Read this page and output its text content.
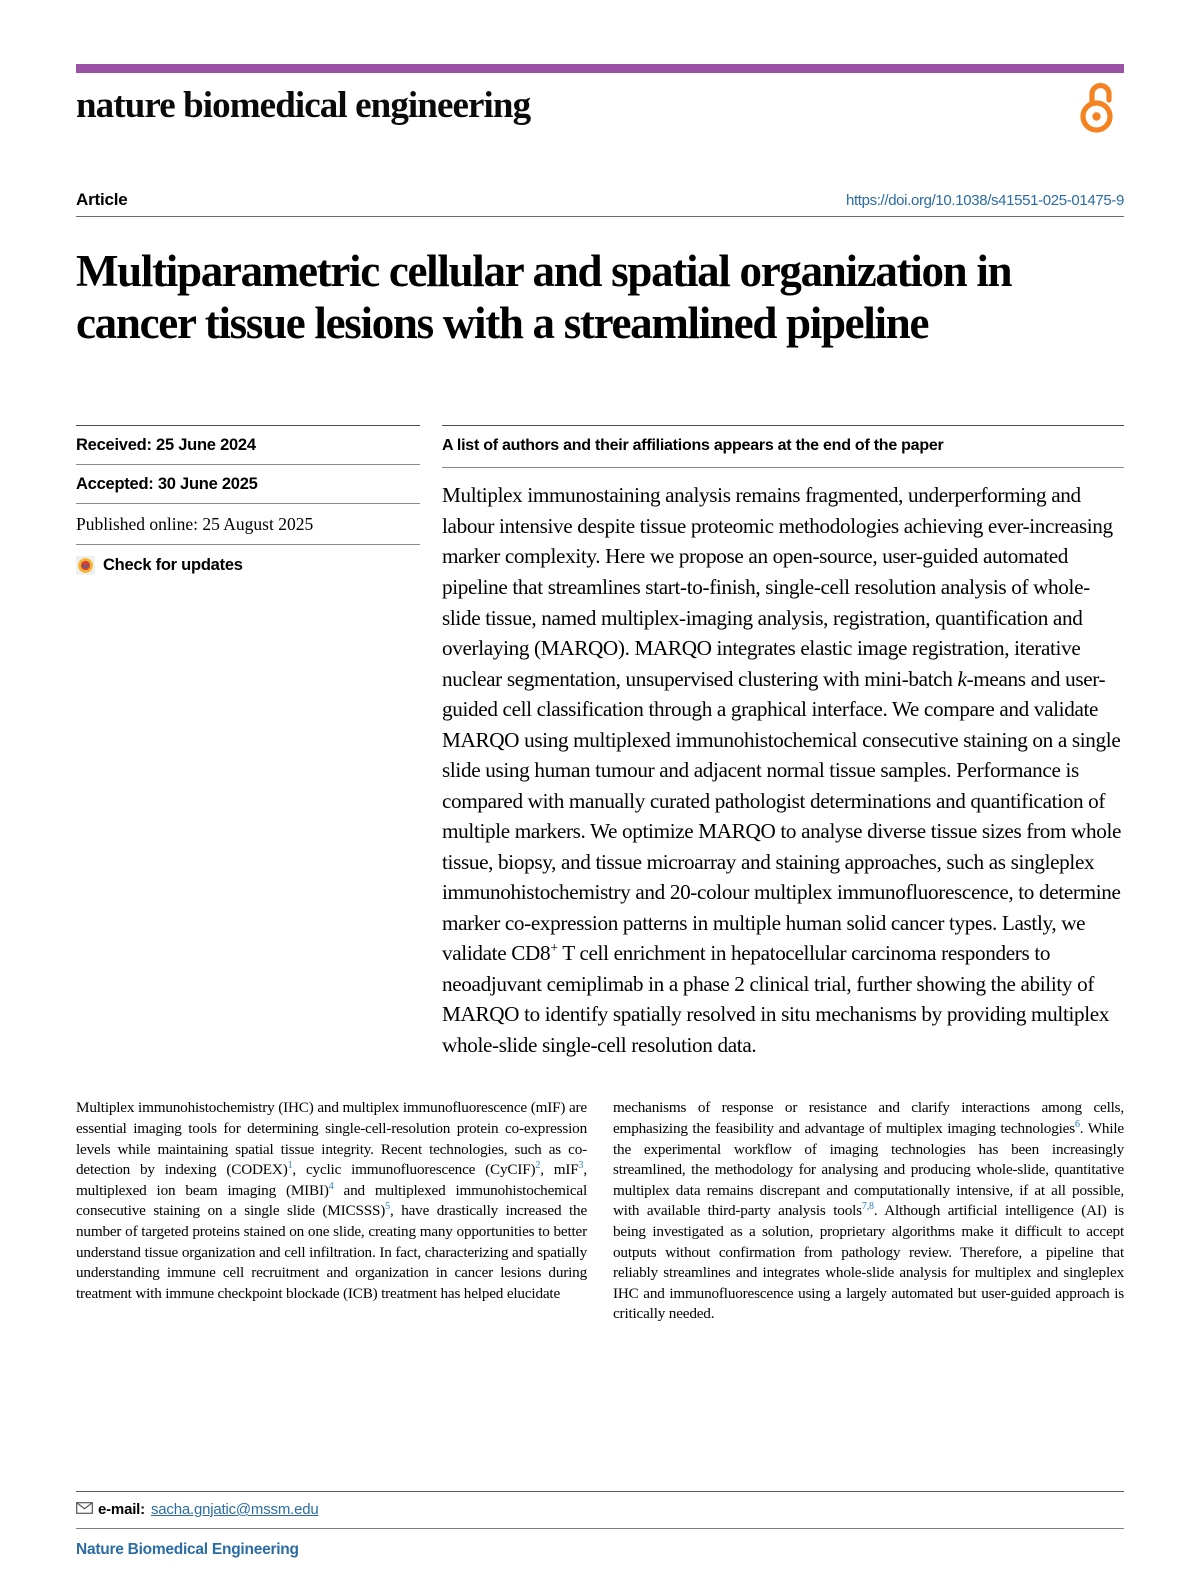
nature biomedical engineering
Article	https://doi.org/10.1038/s41551-025-01475-9
Multiparametric cellular and spatial organization in cancer tissue lesions with a streamlined pipeline
Received: 25 June 2024
Accepted: 30 June 2025
Published online: 25 August 2025
Check for updates
A list of authors and their affiliations appears at the end of the paper
Multiplex immunostaining analysis remains fragmented, underperforming and labour intensive despite tissue proteomic methodologies achieving ever-increasing marker complexity. Here we propose an open-source, user-guided automated pipeline that streamlines start-to-finish, single-cell resolution analysis of whole-slide tissue, named multiplex-imaging analysis, registration, quantification and overlaying (MARQO). MARQO integrates elastic image registration, iterative nuclear segmentation, unsupervised clustering with mini-batch k-means and user-guided cell classification through a graphical interface. We compare and validate MARQO using multiplexed immunohistochemical consecutive staining on a single slide using human tumour and adjacent normal tissue samples. Performance is compared with manually curated pathologist determinations and quantification of multiple markers. We optimize MARQO to analyse diverse tissue sizes from whole tissue, biopsy, and tissue microarray and staining approaches, such as singleplex immunohistochemistry and 20-colour multiplex immunofluorescence, to determine marker co-expression patterns in multiple human solid cancer types. Lastly, we validate CD8+ T cell enrichment in hepatocellular carcinoma responders to neoadjuvant cemiplimab in a phase 2 clinical trial, further showing the ability of MARQO to identify spatially resolved in situ mechanisms by providing multiplex whole-slide single-cell resolution data.

Multiplex immunohistochemistry (IHC) and multiplex immunofluorescence (mIF) are essential imaging tools for determining single-cell-resolution protein co-expression levels while maintaining spatial tissue integrity. Recent technologies, such as co-detection by indexing (CODEX)$^1$, cyclic immunofluorescence (CyCIF)$^2$, mIF$^3$, multiplexed ion beam imaging (MIBI)$^4$ and multiplexed immunohistochemical consecutive staining on a single slide (MICSSS)$^5$, have drastically increased the number of targeted proteins stained on one slide, creating many opportunities to better understand tissue organization and cell infiltration. In fact, characterizing and spatially understanding immune cell recruitment and organization in cancer lesions during treatment with immune checkpoint blockade (ICB) treatment has helped elucidate

mechanisms of response or resistance and clarify interactions among cells, emphasizing the feasibility and advantage of multiplex imaging technologies$^6$. While the experimental workflow of imaging technologies has been increasingly streamlined, the methodology for analysing and producing whole-slide, quantitative multiplex data remains discrepant and computationally intensive, if at all possible, with available third-party analysis tools$^{7,8}$. Although artificial intelligence (AI) is being investigated as a solution, proprietary algorithms make it difficult to accept outputs without confirmation from pathology review. Therefore, a pipeline that reliably streamlines and integrates whole-slide analysis for multiplex and singleplex IHC and immunofluorescence using a largely automated but user-guided approach is critically needed.

e-mail: sacha.gnjatic@mssm.edu
Nature Biomedical Engineering
